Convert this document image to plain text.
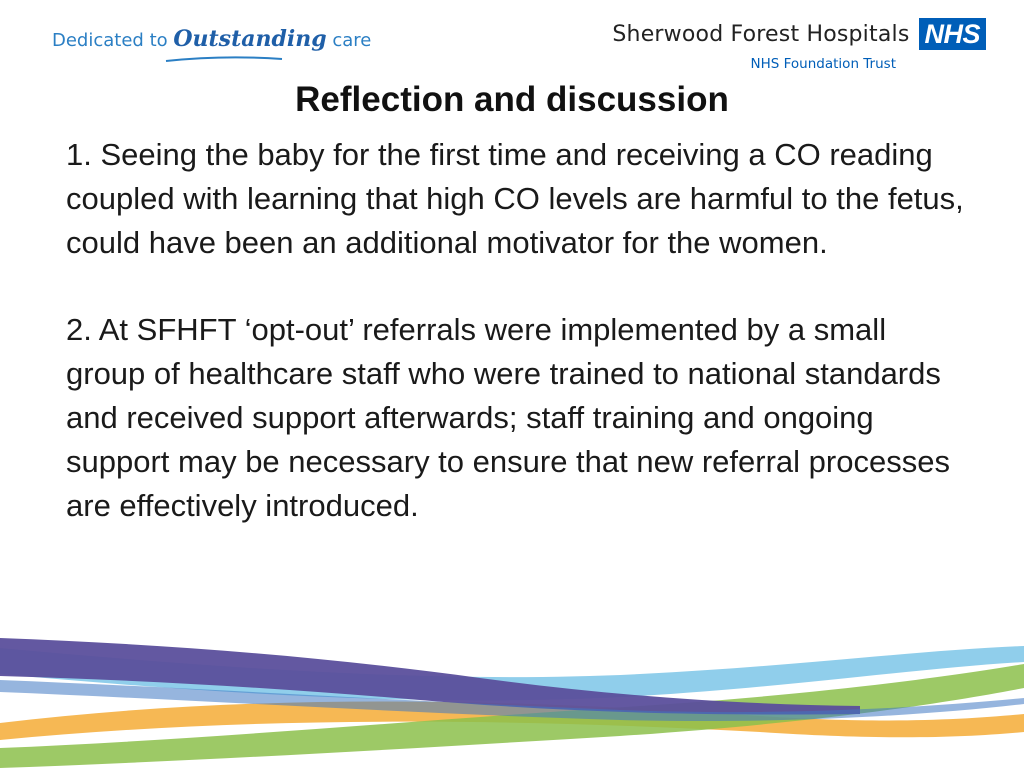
Dedicated to Outstanding care	Sherwood Forest Hospitals NHS
NHS Foundation Trust
Reflection and discussion

1. Seeing the baby for the first time and receiving a CO reading coupled with learning that high CO levels are harmful to the fetus, could have been an additional motivator for the women.

2. At SFHFT ‘opt-out’ referrals were implemented by a small group of healthcare staff who were trained to national standards and received support afterwards; staff training and ongoing support may be necessary to ensure that new referral processes are effectively introduced.
